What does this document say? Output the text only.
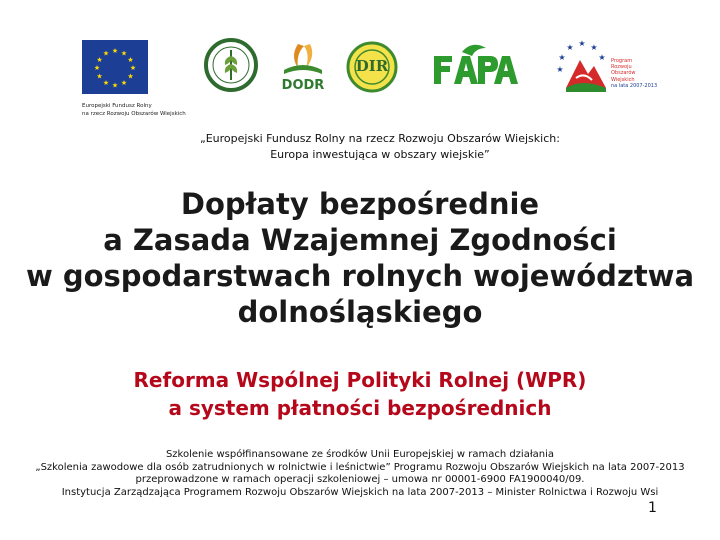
★ ★
★
★
★
★
★
★
★
★
★
★
Europejski Fundusz Rolny
na rzecz Rozwoju Obszarów Wiejskich
DODR
DIR
★ ★
★
★
★
★
Program
Rozwoju
Obszarów
Wiejskich
na lata 2007-2013
„Europejski Fundusz Rolny na rzecz Rozwoju Obszarów Wiejskich:
Europa inwestująca w obszary wiejskie”
Dopłaty bezpośrednie
a Zasada Wzajemnej Zgodności
w gospodarstwach rolnych województwa
dolnośląskiego
Reforma Wspólnej Polityki Rolnej (WPR)
a system płatności bezpośrednich
Szkolenie współfinansowane ze środków Unii Europejskiej w ramach działania
„Szkolenia zawodowe dla osób zatrudnionych w rolnictwie i leśnictwie” Programu Rozwoju Obszarów Wiejskich na lata 2007-2013
przeprowadzone w ramach operacji szkoleniowej – umowa nr 00001-6900 FA1900040/09.
Instytucja Zarządzająca Programem Rozwoju Obszarów Wiejskich na lata 2007-2013 – Minister Rolnictwa i Rozwoju Wsi
1
